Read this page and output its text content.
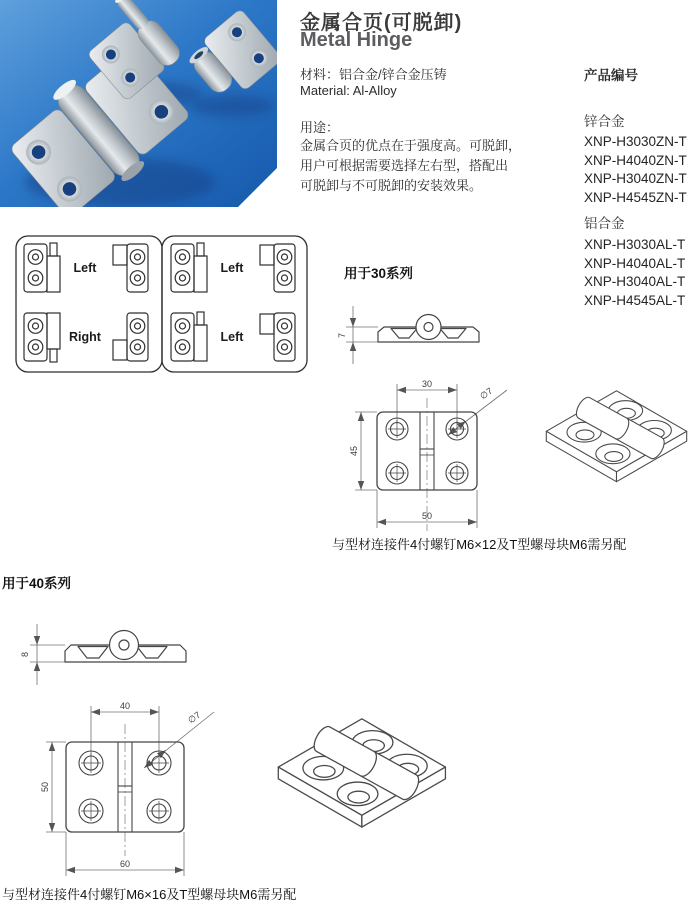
金属合页(可脱卸)
Metal Hinge
材料：铝合金/锌合金压铸
Material: Al-Alloy
用途：
金属合页的优点在于强度高。可脱卸，
用户可根据需要选择左右型，搭配出
可脱卸与不可脱卸的安装效果。
产品编号
锌合金
XNP-H3030ZN-T
XNP-H4040ZN-T
XNP-H3040ZN-T
XNP-H4545ZN-T
铝合金
XNP-H3030AL-T
XNP-H4040AL-T
XNP-H3040AL-T
XNP-H4545AL-T
Left
Right
Left
Left
用于30系列
7
30
45
50
∅7
与型材连接件4付螺钉M6×12及T型螺母块M6需另配
用于40系列
8
40
50
60
∅7
与型材连接件4付螺钉M6×16及T型螺母块M6需另配
